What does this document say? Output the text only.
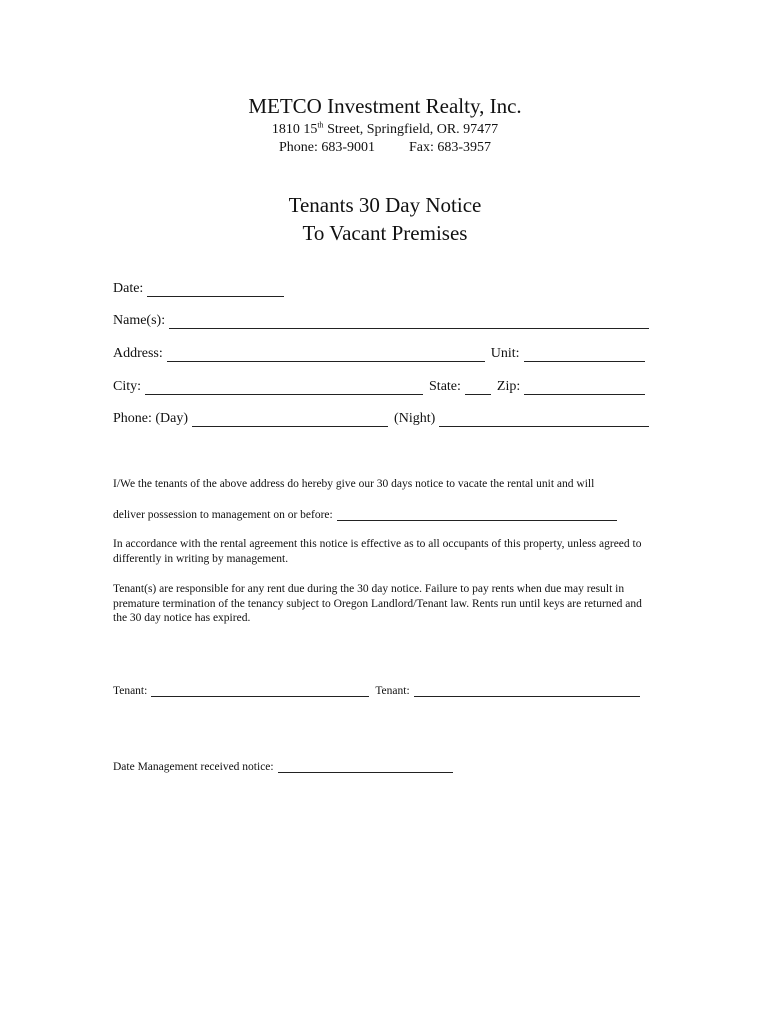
METCO Investment Realty, Inc.
1810 15th Street, Springfield, OR. 97477
Phone: 683-9001 Fax: 683-3957
Tenants 30 Day Notice
To Vacant Premises
Date:
Name(s):
Address:	Unit:
City:	State:	Zip:
Phone: (Day)	(Night)
I/We the tenants of the above address do hereby give our 30 days notice to vacate the rental unit and will
deliver possession to management on or before:
In accordance with the rental agreement this notice is effective as to all occupants of this property, unless agreed to differently in writing by management.
Tenant(s) are responsible for any rent due during the 30 day notice. Failure to pay rents when due may result in premature termination of the tenancy subject to Oregon Landlord/Tenant law. Rents run until keys are returned and the 30 day notice has expired.
Tenant:	Tenant:
Date Management received notice:
